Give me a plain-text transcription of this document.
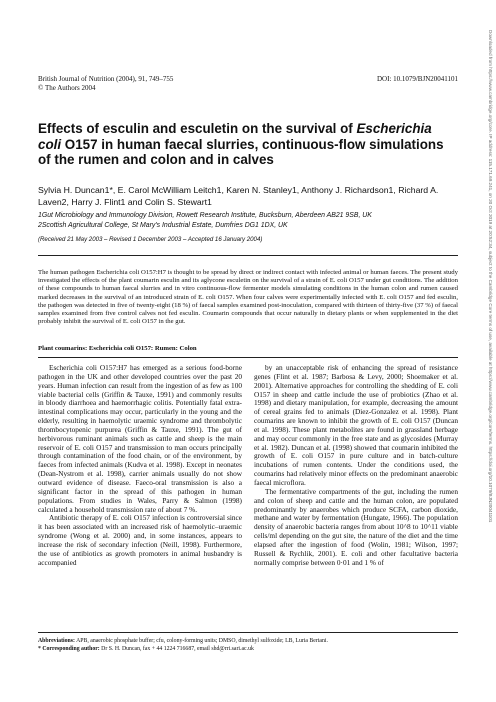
Downloaded from https://www.cambridge.org/core. IP address: 115.171.69.241, on 20 Oct 2019 at 20:52:34, subject to the Cambridge Core terms of use, available at https://www.cambridge.org/core/terms. https://doi.org/10.1079/BJN20041101
British Journal of Nutrition (2004), 91, 749–755
© The Authors 2004
DOI: 10.1079/BJN20041101
Effects of esculin and esculetin on the survival of Escherichia coli O157 in human faecal slurries, continuous-flow simulations of the rumen and colon and in calves
Sylvia H. Duncan1*, E. Carol McWilliam Leitch1, Karen N. Stanley1, Anthony J. Richardson1, Richard A. Laven2, Harry J. Flint1 and Colin S. Stewart1
1Gut Microbiology and Immunology Division, Rowett Research Institute, Bucksburn, Aberdeen AB21 9SB, UK
2Scottish Agricultural College, St Mary's Industrial Estate, Dumfries DG1 1DX, UK
(Received 21 May 2003 – Revised 1 December 2003 – Accepted 16 January 2004)
The human pathogen Escherichia coli O157:H7 is thought to be spread by direct or indirect contact with infected animal or human faeces. The present study investigated the effects of the plant coumarin esculin and its aglycone esculetin on the survival of a strain of E. coli O157 under gut conditions. The addition of these compounds to human faecal slurries and in vitro continuous-flow fermenter models simulating conditions in the human colon and rumen caused marked decreases in the survival of an introduced strain of E. coli O157. When four calves were experimentally infected with E. coli O157 and fed esculin, the pathogen was detected in five of twenty-eight (18 %) of faecal samples examined post-inoculation, compared with thirteen of thirty-five (37 %) of faecal samples examined from five control calves not fed esculin. Coumarin compounds that occur naturally in dietary plants or when supplemented in the diet probably inhibit the survival of E. coli O157 in the gut.
Plant coumarins: Escherichia coli O157: Rumen: Colon

Escherichia coli O157:H7 has emerged as a serious food-borne pathogen in the UK and other developed countries over the past 20 years. Human infection can result from the ingestion of as few as 100 viable bacterial cells (Griffin & Tauxe, 1991) and commonly results in bloody diarrhoea and haemorrhagic colitis. Potentially fatal extra-intestinal complications may occur, particularly in the young and the elderly, resulting in haemolytic uraemic syndrome and thrombolytic thrombocytopenic purpurea (Griffin & Tauxe, 1991). The gut of herbivorous ruminant animals such as cattle and sheep is the main reservoir of E. coli O157 and transmission to man occurs principally through contamination of the food chain, or of the environment, by faeces from infected animals (Kudva et al. 1998). Except in neonates (Dean-Nystrom et al. 1998), carrier animals usually do not show outward evidence of disease. Faeco-oral transmission is also a significant factor in the spread of this pathogen in human populations. From studies in Wales, Parry & Salmon (1998) calculated a household transmission rate of about 7 %.

Antibiotic therapy of E. coli O157 infection is controversial since it has been associated with an increased risk of haemolytic–uraemic syndrome (Wong et al. 2000) and, in some instances, appears to increase the risk of secondary infection (Neill, 1998). Furthermore, the use of antibiotics as growth promoters in animal husbandry is accompanied

by an unacceptable risk of enhancing the spread of resistance genes (Flint et al. 1987; Barbosa & Levy, 2000; Shoemaker et al. 2001). Alternative approaches for controlling the shedding of E. coli O157 in sheep and cattle include the use of probiotics (Zhao et al. 1998) and dietary manipulation, for example, decreasing the amount of cereal grains fed to animals (Diez-Gonzalez et al. 1998). Plant coumarins are known to inhibit the growth of E. coli O157 (Duncan et al. 1998). These plant metabolites are found in grassland herbage and may occur commonly in the free state and as glycosides (Murray et al. 1982). Duncan et al. (1998) showed that coumarin inhibited the growth of E. coli O157 in pure culture and in batch-culture incubations of rumen contents. Under the conditions used, the coumarins had relatively minor effects on the predominant anaerobic faecal microflora.

The fermentative compartments of the gut, including the rumen and colon of sheep and cattle and the human colon, are populated predominantly by anaerobes which produce SCFA, carbon dioxide, methane and water by fermentation (Hungate, 1966). The population density of anaerobic bacteria ranges from about 10^8 to 10^11 viable cells/ml depending on the gut site, the nature of the diet and the time elapsed after the ingestion of food (Wolin, 1981; Wilson, 1997; Russell & Rychlik, 2001). E. coli and other facultative bacteria normally comprise between 0·01 and 1 % of

Abbreviations: APB, anaerobic phosphate buffer; cfu, colony-forming units; DMSO, dimethyl sulfoxide; LB, Luria Bertani.
* Corresponding author: Dr S. H. Duncan, fax + 44 1224 716687, email shd@rri.sari.ac.uk
